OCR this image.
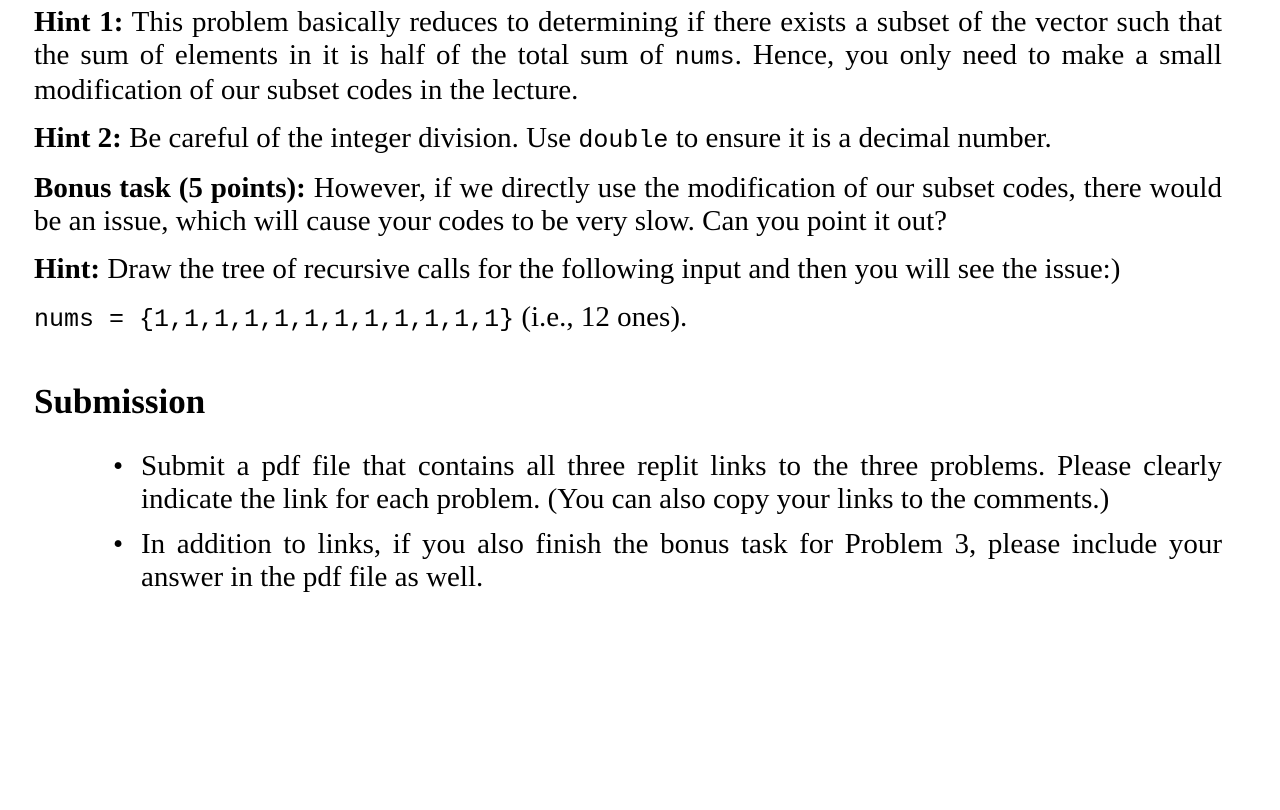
Hint 1: This problem basically reduces to determining if there exists a subset of the vector such that the sum of elements in it is half of the total sum of nums. Hence, you only need to make a small modification of our subset codes in the lecture.

Hint 2: Be careful of the integer division. Use double to ensure it is a decimal number.

Bonus task (5 points): However, if we directly use the modification of our subset codes, there would be an issue, which will cause your codes to be very slow. Can you point it out?

Hint: Draw the tree of recursive calls for the following input and then you will see the issue:)

nums = {1,1,1,1,1,1,1,1,1,1,1,1} (i.e., 12 ones).

Submission
• Submit a pdf file that contains all three replit links to the three problems. Please clearly indicate the link for each problem. (You can also copy your links to the comments.)
• In addition to links, if you also finish the bonus task for Problem 3, please include your answer in the pdf file as well.
